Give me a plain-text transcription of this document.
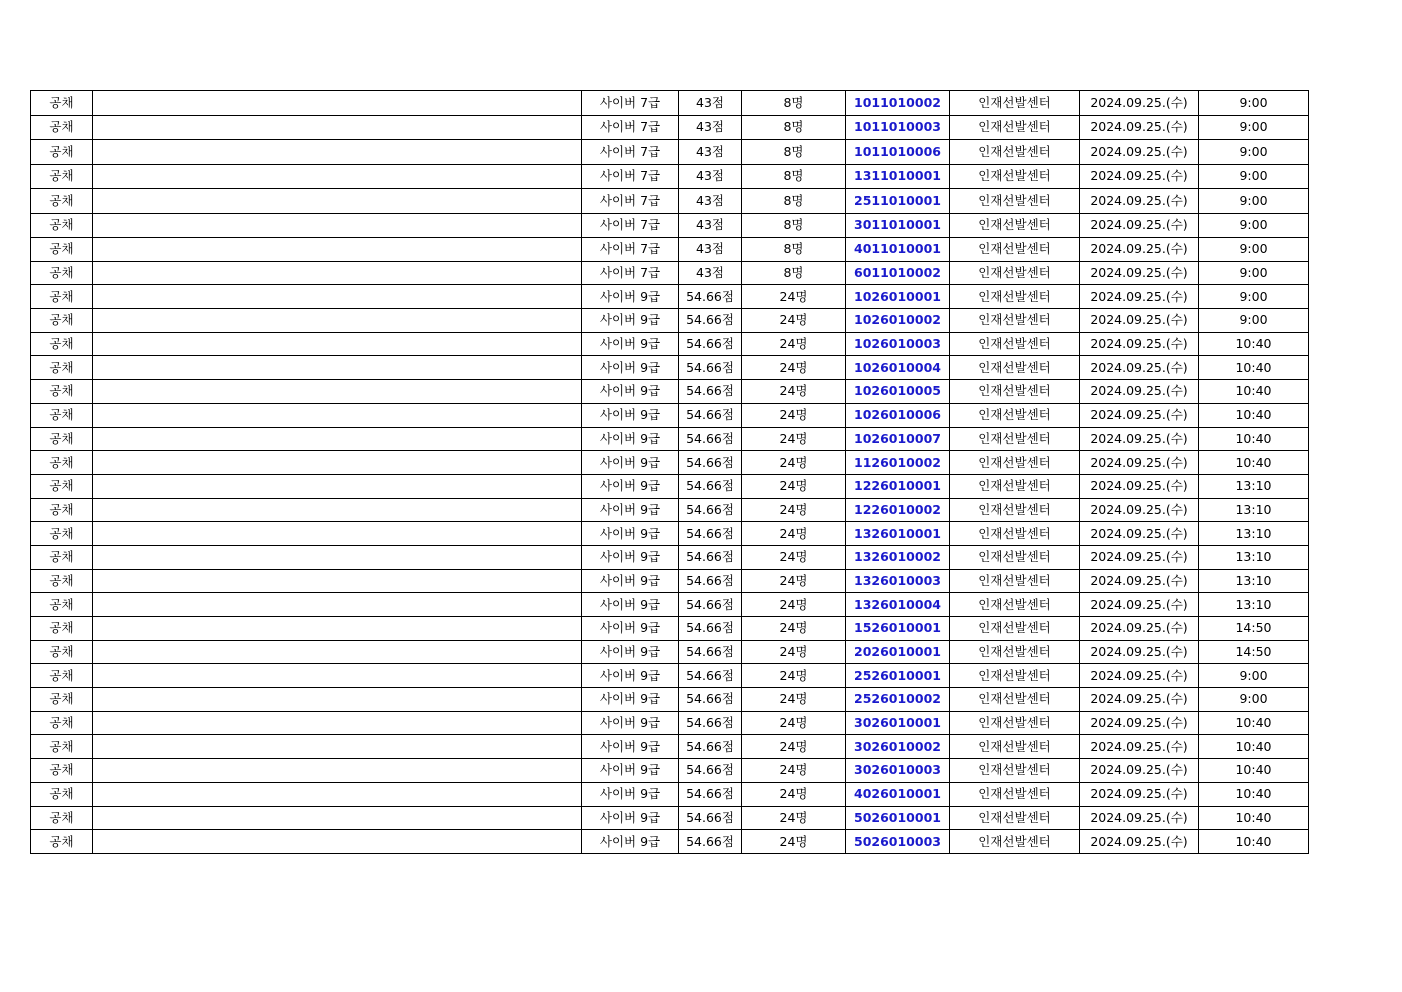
공채		사이버 7급	43점	8명	1011010002	인재선발센터	2024.09.25.(수)	9:00
공채		사이버 7급	43점	8명	1011010003	인재선발센터	2024.09.25.(수)	9:00
공채		사이버 7급	43점	8명	1011010006	인재선발센터	2024.09.25.(수)	9:00
공채		사이버 7급	43점	8명	1311010001	인재선발센터	2024.09.25.(수)	9:00
공채		사이버 7급	43점	8명	2511010001	인재선발센터	2024.09.25.(수)	9:00
공채		사이버 7급	43점	8명	3011010001	인재선발센터	2024.09.25.(수)	9:00
공채		사이버 7급	43점	8명	4011010001	인재선발센터	2024.09.25.(수)	9:00
공채		사이버 7급	43점	8명	6011010002	인재선발센터	2024.09.25.(수)	9:00
공채		사이버 9급	54.66점	24명	1026010001	인재선발센터	2024.09.25.(수)	9:00
공채		사이버 9급	54.66점	24명	1026010002	인재선발센터	2024.09.25.(수)	9:00
공채		사이버 9급	54.66점	24명	1026010003	인재선발센터	2024.09.25.(수)	10:40
공채		사이버 9급	54.66점	24명	1026010004	인재선발센터	2024.09.25.(수)	10:40
공채		사이버 9급	54.66점	24명	1026010005	인재선발센터	2024.09.25.(수)	10:40
공채		사이버 9급	54.66점	24명	1026010006	인재선발센터	2024.09.25.(수)	10:40
공채		사이버 9급	54.66점	24명	1026010007	인재선발센터	2024.09.25.(수)	10:40
공채		사이버 9급	54.66점	24명	1126010002	인재선발센터	2024.09.25.(수)	10:40
공채		사이버 9급	54.66점	24명	1226010001	인재선발센터	2024.09.25.(수)	13:10
공채		사이버 9급	54.66점	24명	1226010002	인재선발센터	2024.09.25.(수)	13:10
공채		사이버 9급	54.66점	24명	1326010001	인재선발센터	2024.09.25.(수)	13:10
공채		사이버 9급	54.66점	24명	1326010002	인재선발센터	2024.09.25.(수)	13:10
공채		사이버 9급	54.66점	24명	1326010003	인재선발센터	2024.09.25.(수)	13:10
공채		사이버 9급	54.66점	24명	1326010004	인재선발센터	2024.09.25.(수)	13:10
공채		사이버 9급	54.66점	24명	1526010001	인재선발센터	2024.09.25.(수)	14:50
공채		사이버 9급	54.66점	24명	2026010001	인재선발센터	2024.09.25.(수)	14:50
공채		사이버 9급	54.66점	24명	2526010001	인재선발센터	2024.09.25.(수)	9:00
공채		사이버 9급	54.66점	24명	2526010002	인재선발센터	2024.09.25.(수)	9:00
공채		사이버 9급	54.66점	24명	3026010001	인재선발센터	2024.09.25.(수)	10:40
공채		사이버 9급	54.66점	24명	3026010002	인재선발센터	2024.09.25.(수)	10:40
공채		사이버 9급	54.66점	24명	3026010003	인재선발센터	2024.09.25.(수)	10:40
공채		사이버 9급	54.66점	24명	4026010001	인재선발센터	2024.09.25.(수)	10:40
공채		사이버 9급	54.66점	24명	5026010001	인재선발센터	2024.09.25.(수)	10:40
공채		사이버 9급	54.66점	24명	5026010003	인재선발센터	2024.09.25.(수)	10:40
